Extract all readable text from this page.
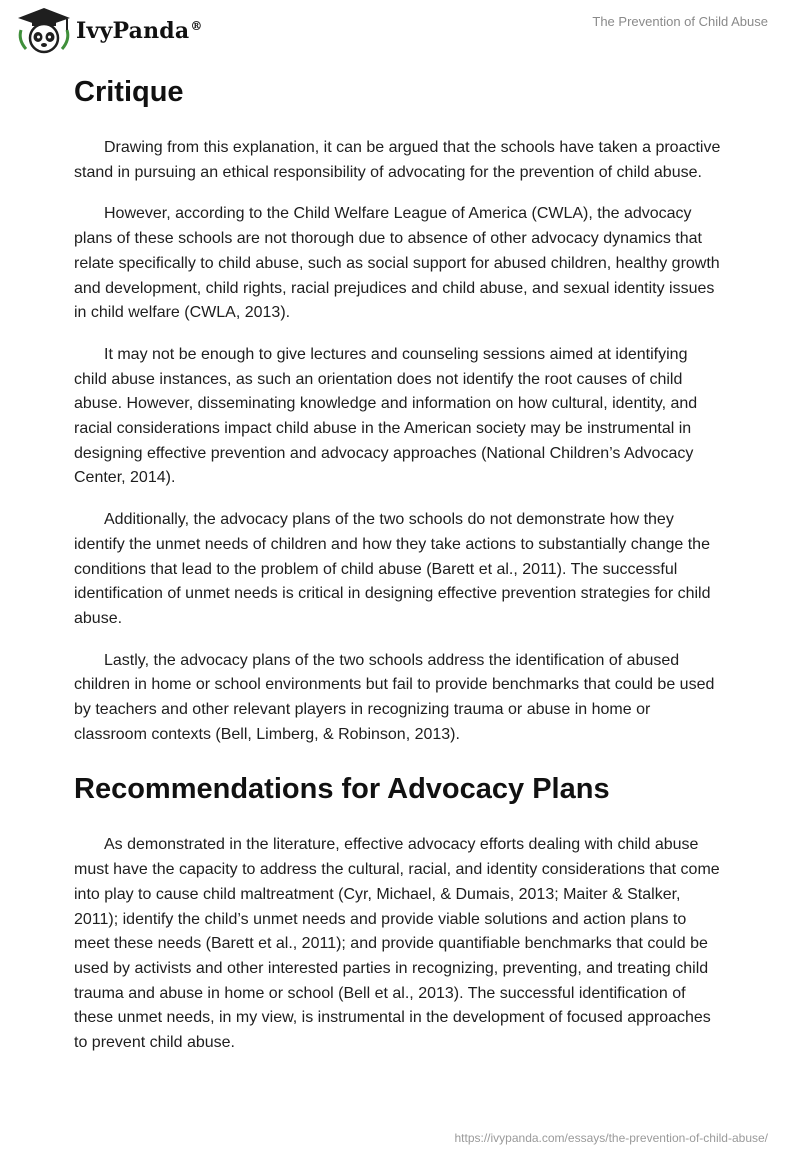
IvyPanda®	The Prevention of Child Abuse
Critique

Drawing from this explanation, it can be argued that the schools have taken a proactive stand in pursuing an ethical responsibility of advocating for the prevention of child abuse.

However, according to the Child Welfare League of America (CWLA), the advocacy plans of these schools are not thorough due to absence of other advocacy dynamics that relate specifically to child abuse, such as social support for abused children, healthy growth and development, child rights, racial prejudices and child abuse, and sexual identity issues in child welfare (CWLA, 2013).

It may not be enough to give lectures and counseling sessions aimed at identifying child abuse instances, as such an orientation does not identify the root causes of child abuse. However, disseminating knowledge and information on how cultural, identity, and racial considerations impact child abuse in the American society may be instrumental in designing effective prevention and advocacy approaches (National Children’s Advocacy Center, 2014).

Additionally, the advocacy plans of the two schools do not demonstrate how they identify the unmet needs of children and how they take actions to substantially change the conditions that lead to the problem of child abuse (Barett et al., 2011). The successful identification of unmet needs is critical in designing effective prevention strategies for child abuse.

Lastly, the advocacy plans of the two schools address the identification of abused children in home or school environments but fail to provide benchmarks that could be used by teachers and other relevant players in recognizing trauma or abuse in home or classroom contexts (Bell, Limberg, & Robinson, 2013).

Recommendations for Advocacy Plans

As demonstrated in the literature, effective advocacy efforts dealing with child abuse must have the capacity to address the cultural, racial, and identity considerations that come into play to cause child maltreatment (Cyr, Michael, & Dumais, 2013; Maiter & Stalker, 2011); identify the child’s unmet needs and provide viable solutions and action plans to meet these needs (Barett et al., 2011); and provide quantifiable benchmarks that could be used by activists and other interested parties in recognizing, preventing, and treating child trauma and abuse in home or school (Bell et al., 2013). The successful identification of these unmet needs, in my view, is instrumental in the development of focused approaches to prevent child abuse.

https://ivypanda.com/essays/the-prevention-of-child-abuse/
